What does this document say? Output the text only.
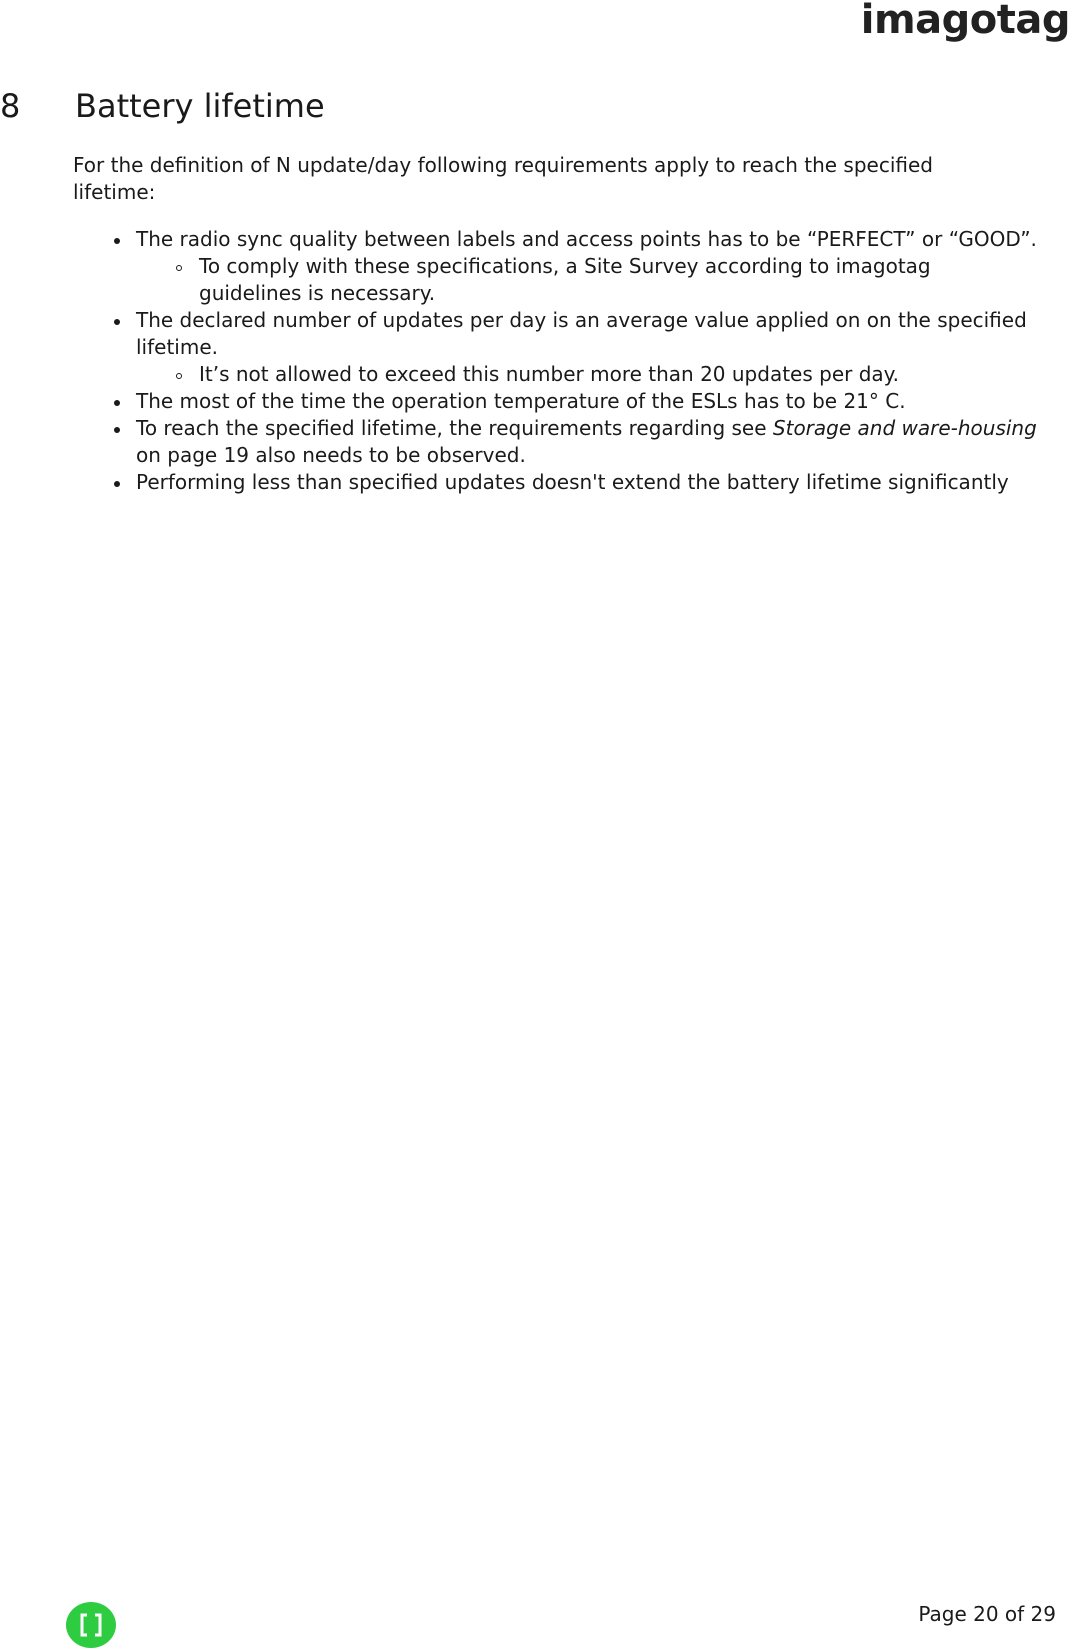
imagotag
8 Battery lifetime

For the definition of N update/day following requirements apply to reach the specified lifetime:

The radio sync quality between labels and access points has to be “PERFECT” or “GOOD”.
To comply with these specifications, a Site Survey according to imagotag guidelines is necessary.
The declared number of updates per day is an average value applied on on the specified lifetime.
It’s not allowed to exceed this number more than 20 updates per day.
The most of the time the operation temperature of the ESLs has to be 21° C.
To reach the specified lifetime, the requirements regarding see Storage and ware-housing on page 19 also needs to be observed.
Performing less than specified updates doesn't extend the battery lifetime significantly
Page 20 of 29
